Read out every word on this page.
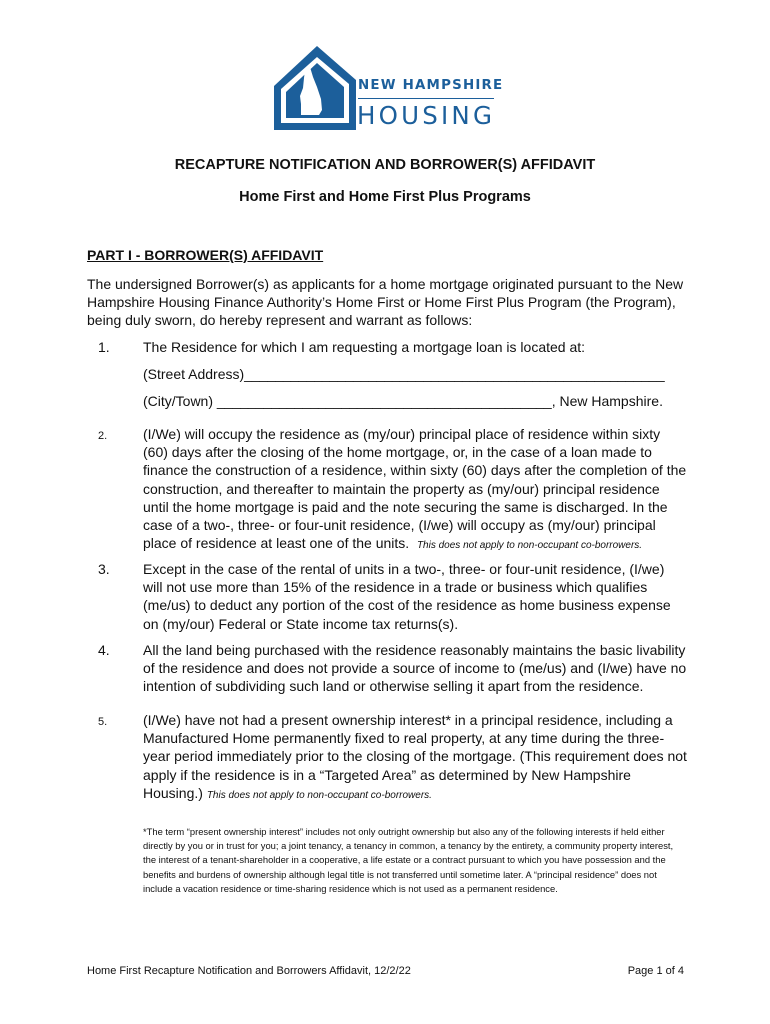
NEW HAMPSHIRE
HOUSING
RECAPTURE NOTIFICATION AND BORROWER(S) AFFIDAVIT
Home First and Home First Plus Programs
PART I - BORROWER(S) AFFIDAVIT
The undersigned Borrower(s) as applicants for a home mortgage originated pursuant to the New Hampshire Housing Finance Authority’s Home First or Home First Plus Program (the Program), being duly sworn, do hereby represent and warrant as follows:
1. The Residence for which I am requesting a mortgage loan is located at:

(Street Address)______________________________________________________

(City/Town) ___________________________________________, New Hampshire.

2.	(I/We) will occupy the residence as (my/our) principal place of residence within sixty (60) days after the closing of the home mortgage, or, in the case of a loan made to finance the construction of a residence, within sixty (60) days after the completion of the construction, and thereafter to maintain the property as (my/our) principal residence until the home mortgage is paid and the note securing the same is discharged. In the case of a two-, three- or four-unit residence, (I/we) will occupy as (my/our) principal place of residence at least one of the units. This does not apply to non-occupant co-borrowers.

3. Except in the case of the rental of units in a two-, three- or four-unit residence, (I/we) will not use more than 15% of the residence in a trade or business which qualifies (me/us) to deduct any portion of the cost of the residence as home business expense on (my/our) Federal or State income tax returns(s).

4. All the land being purchased with the residence reasonably maintains the basic livability of the residence and does not provide a source of income to (me/us) and (I/we) have no intention of subdividing such land or otherwise selling it apart from the residence.

5.	(I/We) have not had a present ownership interest* in a principal residence, including a Manufactured Home permanently fixed to real property, at any time during the three-year period immediately prior to the closing of the mortgage. (This requirement does not apply if the residence is in a “Targeted Area” as determined by New Hampshire Housing.) This does not apply to non-occupant co-borrowers.

*The term “present ownership interest” includes not only outright ownership but also any of the following interests if held either directly by you or in trust for you; a joint tenancy, a tenancy in common, a tenancy by the entirety, a community property interest, the interest of a tenant-shareholder in a cooperative, a life estate or a contract pursuant to which you have possession and the benefits and burdens of ownership although legal title is not transferred until sometime later. A “principal residence” does not include a vacation residence or time-sharing residence which is not used as a permanent residence.
Home First Recapture Notification and Borrowers Affidavit, 12/2/22	Page 1 of 4
